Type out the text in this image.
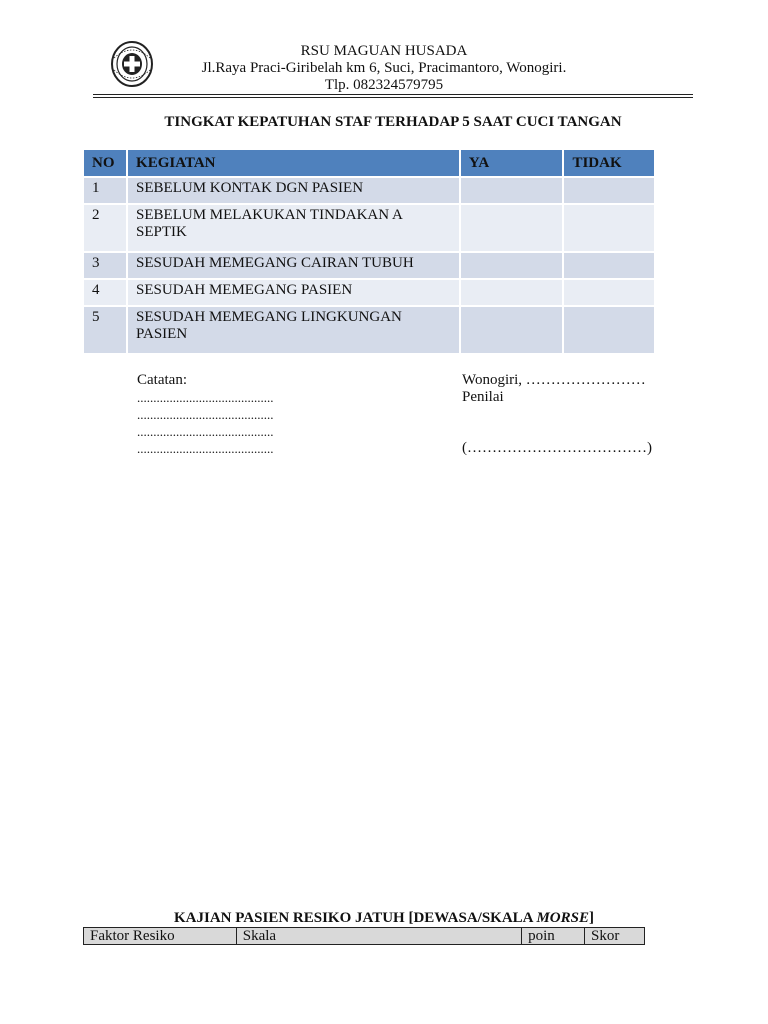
RSU MAGUAN HUSADA
Jl.Raya Praci-Giribelah km 6, Suci, Pracimantoro, Wonogiri.
Tlp. 082324579795
TINGKAT KEPATUHAN STAF TERHADAP 5 SAAT CUCI TANGAN
NO	KEGIATAN	YA	TIDAK
1	SEBELUM KONTAK DGN PASIEN		
2	SEBELUM MELAKUKAN TINDAKAN A SEPTIK		
3	SESUDAH MEMEGANG CAIRAN TUBUH		
4	SESUDAH MEMEGANG PASIEN		
5	SESUDAH MEMEGANG LINGKUNGAN PASIEN		
Catatan:
..........................................
..........................................
..........................................
..........................................
Wonogiri, ……………………
Penilai
(………………………………)
KAJIAN PASIEN RESIKO JATUH [DEWASA/SKALA MORSE]
Faktor Resiko	Skala	poin	Skor
